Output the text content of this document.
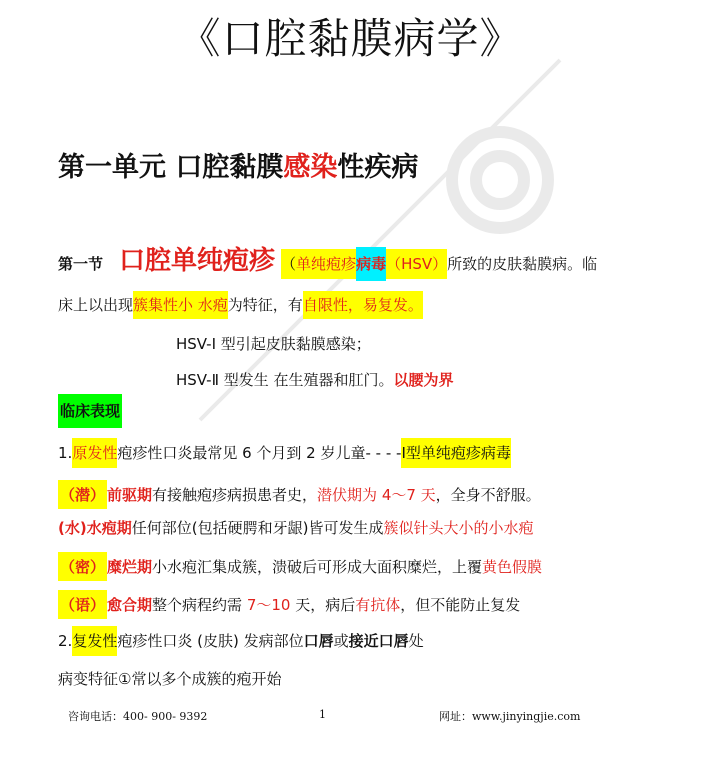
《口腔黏膜病学》
第一单元 口腔黏膜感染性疾病
第一节 口腔单纯疱疹 （单纯疱疹病毒（HSV）所致的皮肤黏膜病。临
床上以出现簇集性小 水疱为特征，有自限性，易复发。
HSV-Ⅰ 型引起皮肤黏膜感染；
HSV-Ⅱ 型发生 在生殖器和肛门。以腰为界
临床表现
1.原发性疱疹性口炎最常见 6 个月到 2 岁儿童- - - -Ⅰ型单纯疱疹病毒
（潜） 前驱期有接触疱疹病损患者史，潜伏期为 4～7 天，全身不舒服。
(水)水疱期任何部位(包括硬腭和牙龈)皆可发生成簇似针头大小的小水疱
（密） 糜烂期小水疱汇集成簇，溃破后可形成大面积糜烂，上覆黄色假膜
（语） 愈合期整个病程约需 7～10 天，病后有抗体，但不能防止复发
2.复发性疱疹性口炎 (皮肤) 发病部位口唇或接近口唇处
病变特征①常以多个成簇的疱开始
咨询电话：400- 900- 9392	1	网址：www.jinyingjie.com
